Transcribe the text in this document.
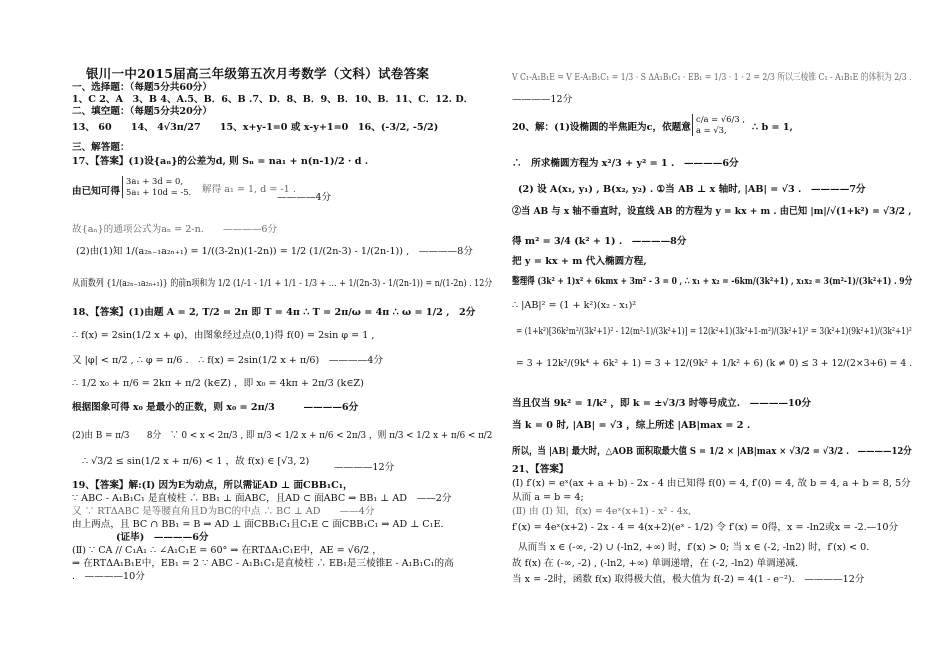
银川一中2015届高三年级第五次月考数学（文科）试卷答案
一、选择题：（每题5分共60分）
1、C 2、A　3、B 4、A.5、B．6、B .7、D．8、B．9、B．10、B．11、C．12. D．
二、填空题：（每题5分共20分）
13、 60　　14、 4√3π/27　　15、x+y-1=0 或 x-y+1=0　16、(-3/2, -5/2)
三、解答题：
17、【答案】(1)设{aₙ}的公差为d, 则 Sₙ = na₁ + n(n-1)/2 · d .
由已知可得
3a₁ + 3d = 0,
5a₁ + 10d = -5. 解得 a₁ = 1, d = -1 .
————4分
故{aₙ}的通项公式为aₙ = 2-n.　　————6分
(2)由(1)知 1/(a₂ₙ₋₁a₂ₙ₊₁) = 1/((3-2n)(1-2n)) = 1/2 (1/(2n-3) - 1/(2n-1)) ,　————8分
从而数列 {1/(a₂ₙ₋₁a₂ₙ₊₁)} 的前n项和为 1/2 (1/-1 - 1/1 + 1/1 - 1/3 + … + 1/(2n-3) - 1/(2n-1)) = n/(1-2n) . 12分
18、【答案】(1)由题 A = 2, T/2 = 2π 即 T = 4π ∴ T = 2π/ω = 4π ∴ ω = 1/2 ,　2分
∴ f(x) = 2sin(1/2 x + φ)，由图象经过点(0,1)得 f(0) = 2sin φ = 1 ,
又 |φ| < π/2 , ∴ φ = π/6 .　∴ f(x) = 2sin(1/2 x + π/6)　————4分
∴ 1/2 x₀ + π/6 = 2kπ + π/2 (k∈Z) ，即 x₀ = 4kπ + 2π/3 (k∈Z)
根据图象可得 x₀ 是最小的正数，则 x₀ = 2π/3　　　————6分
(2)由 B = π/3　　8分　∵ 0 < x < 2π/3 , 即 π/3 < 1/2 x + π/6 < 2π/3 ，则 π/3 < 1/2 x + π/6 < π/2
∴ √3/2 ≤ sin(1/2 x + π/6) < 1 ，故 f(x) ∈ [√3, 2)
————12分
19、【答案】解:(Ⅰ) 因为E为动点，所以需证AD ⊥ 面CBB₁C₁，
∵ ABC - A₁B₁C₁ 是直棱柱 ∴ BB₁ ⊥ 面ABC，且AD ⊂ 面ABC ⇒ BB₁ ⊥ AD　——2分
又 ∵ RTΔABC 是等腰直角且D为BC的中点 ∴ BC ⊥ AD　　——4分
由上两点，且 BC ∩ BB₁ = B ⇒ AD ⊥ 面CBB₁C₁且C₁E ⊂ 面CBB₁C₁ ⇒ AD ⊥ C₁E.
(证毕)　————6分
(Ⅱ) ∵ CA // C₁A₁ ∴ ∠A₁C₁E = 60° ⇒ 在RTΔA₁C₁E中，AE = √6/2 ，
⇒ 在RTΔA₁B₁E中，EB₁ = 2 ∵ ABC - A₁B₁C₁是直棱柱 ∴ EB₁是三棱锥E - A₁B₁C₁的高
.　————10分
V C₁-A₁B₁E = V E-A₁B₁C₁ = 1/3 · S ΔA₁B₁C₁ · EB₁ = 1/3 · 1 · 2 = 2/3 所以三棱锥 C₁ - A₁B₁E 的体积为 2/3 .
————12分
20、解：(1)设椭圆的半焦距为c，依题意
c/a = √6/3 ,
a = √3,	∴ b = 1,
∴　所求椭圆方程为 x²/3 + y² = 1 .　————6分
(2) 设 A(x₁, y₁) , B(x₂, y₂) . ①当 AB ⊥ x 轴时, |AB| = √3 .　————7分
②当 AB 与 x 轴不垂直时，设直线 AB 的方程为 y = kx + m . 由已知 |m|/√(1+k²) = √3/2 ,
得 m² = 3/4 (k² + 1) .　————8分
把 y = kx + m 代入椭圆方程,
整理得 (3k² + 1)x² + 6kmx + 3m² - 3 = 0 , ∴ x₁ + x₂ = -6km/(3k²+1) , x₁x₂ = 3(m²-1)/(3k²+1) . 9分
∴ |AB|² = (1 + k²)(x₂ - x₁)²
= (1+k²)[36k²m²/(3k²+1)² - 12(m²-1)/(3k²+1)] = 12(k²+1)(3k²+1-m²)/(3k²+1)² = 3(k²+1)(9k²+1)/(3k²+1)²
= 3 + 12k²/(9k⁴ + 6k² + 1) = 3 + 12/(9k² + 1/k² + 6) (k ≠ 0) ≤ 3 + 12/(2×3+6) = 4 .
当且仅当 9k² = 1/k² ，即 k = ±√3/3 时等号成立.　————10分
当 k = 0 时, |AB| = √3 ，综上所述 |AB|max = 2 .
所以，当 |AB| 最大时，△AOB 面积取最大值 S = 1/2 × |AB|max × √3/2 = √3/2 .　————12分
21、【答案】
(Ⅰ) f′(x) = eˣ(ax + a + b) - 2x - 4 由已知得 f(0) = 4, f′(0) = 4, 故 b = 4, a + b = 8, 5分
从而 a = b = 4;
(Ⅱ) 由 (Ⅰ) 知，f(x) = 4eˣ(x+1) - x² - 4x,
f′(x) = 4eˣ(x+2) - 2x - 4 = 4(x+2)(eˣ - 1/2) 令 f′(x) = 0得，x = -ln2或x = -2.—10分
从而当 x ∈ (-∞, -2) ∪ (-ln2, +∞) 时，f′(x) > 0; 当 x ∈ (-2, -ln2) 时，f′(x) < 0.
故 f(x) 在 (-∞, -2) , (-ln2, +∞) 单调递增，在 (-2, -ln2) 单调递减.
当 x = -2时，函数 f(x) 取得极大值，极大值为 f(-2) = 4(1 - e⁻²).　————12分
